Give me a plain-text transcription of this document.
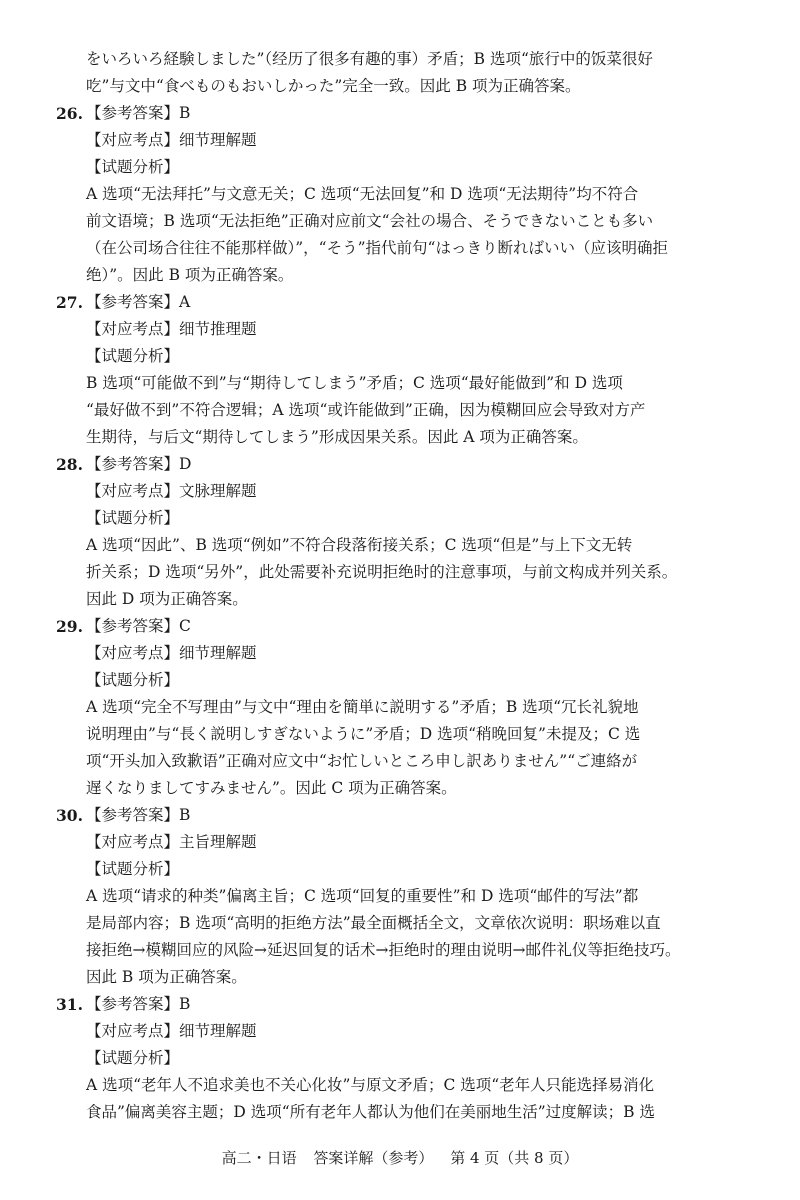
をいろいろ経験しました”（经历了很多有趣的事）矛盾；B 选项“旅行中的饭菜很好
吃”与文中“食べものもおいしかった”完全一致。因此 B 项为正确答案。
26. 【参考答案】B
【对应考点】细节理解题
【试题分析】
A 选项“无法拜托”与文意无关；C 选项“无法回复”和 D 选项“无法期待”均不符合
前文语境；B 选项“无法拒绝”正确对应前文“会社の場合、そうできないことも多い
（在公司场合往往不能那样做）”，“そう”指代前句“はっきり断ればいい（应该明确拒
绝）”。因此 B 项为正确答案。
27. 【参考答案】A
【对应考点】细节推理题
【试题分析】
B 选项“可能做不到”与“期待してしまう”矛盾；C 选项“最好能做到”和 D 选项
“最好做不到”不符合逻辑；A 选项“或许能做到”正确，因为模糊回应会导致对方产
生期待，与后文“期待してしまう”形成因果关系。因此 A 项为正确答案。
28. 【参考答案】D
【对应考点】文脉理解题
【试题分析】
A 选项“因此”、B 选项“例如”不符合段落衔接关系；C 选项“但是”与上下文无转
折关系；D 选项“另外”，此处需要补充说明拒绝时的注意事项，与前文构成并列关系。
因此 D 项为正确答案。
29. 【参考答案】C
【对应考点】细节理解题
【试题分析】
A 选项“完全不写理由”与文中“理由を簡単に説明する”矛盾；B 选项“冗长礼貌地
说明理由”与“長く説明しすぎないように”矛盾；D 选项“稍晚回复”未提及；C 选
项“开头加入致歉语”正确对应文中“お忙しいところ申し訳ありません”“ご連絡が
遅くなりましてすみません”。因此 C 项为正确答案。
30. 【参考答案】B
【对应考点】主旨理解题
【试题分析】
A 选项“请求的种类”偏离主旨；C 选项“回复的重要性”和 D 选项“邮件的写法”都
是局部内容；B 选项“高明的拒绝方法”最全面概括全文，文章依次说明：职场难以直
接拒绝→模糊回应的风险→延迟回复的话术→拒绝时的理由说明→邮件礼仪等拒绝技巧。
因此 B 项为正确答案。
31. 【参考答案】B
【对应考点】细节理解题
【试题分析】
A 选项“老年人不追求美也不关心化妆”与原文矛盾；C 选项“老年人只能选择易消化
食品”偏离美容主题；D 选项“所有老年人都认为他们在美丽地生活”过度解读；B 选
高二・日语 答案详解（参考） 第 4 页（共 8 页）
